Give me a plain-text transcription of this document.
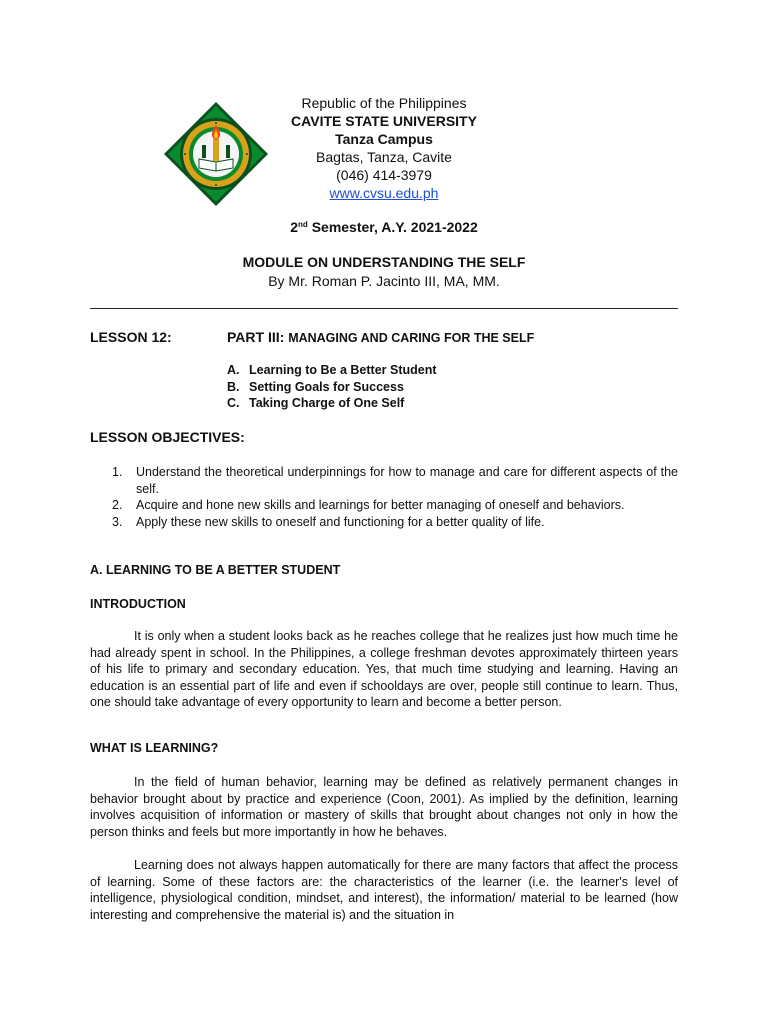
Republic of the Philippines
CAVITE STATE UNIVERSITY
Tanza Campus
Bagtas, Tanza, Cavite
(046) 414-3979
www.cvsu.edu.ph
2nd Semester, A.Y. 2021-2022
MODULE ON UNDERSTANDING THE SELF
By Mr. Roman P. Jacinto III, MA, MM.
LESSON 12:	PART III: MANAGING AND CARING FOR THE SELF
A. Learning to Be a Better Student
B. Setting Goals for Success
C. Taking Charge of One Self
LESSON OBJECTIVES:
1. Understand the theoretical underpinnings for how to manage and care for different aspects of the self.
2. Acquire and hone new skills and learnings for better managing of oneself and behaviors.
3. Apply these new skills to oneself and functioning for a better quality of life.
A. LEARNING TO BE A BETTER STUDENT
INTRODUCTION
It is only when a student looks back as he reaches college that he realizes just how much time he had already spent in school. In the Philippines, a college freshman devotes approximately thirteen years of his life to primary and secondary education. Yes, that much time studying and learning. Having an education is an essential part of life and even if schooldays are over, people still continue to learn. Thus, one should take advantage of every opportunity to learn and become a better person.
WHAT IS LEARNING?
In the field of human behavior, learning may be defined as relatively permanent changes in behavior brought about by practice and experience (Coon, 2001). As implied by the definition, learning involves acquisition of information or mastery of skills that brought about changes not only in how the person thinks and feels but more importantly in how he behaves.
Learning does not always happen automatically for there are many factors that affect the process of learning. Some of these factors are: the characteristics of the learner (i.e. the learner's level of intelligence, physiological condition, mindset, and interest), the information/ material to be learned (how interesting and comprehensive the material is) and the situation in
